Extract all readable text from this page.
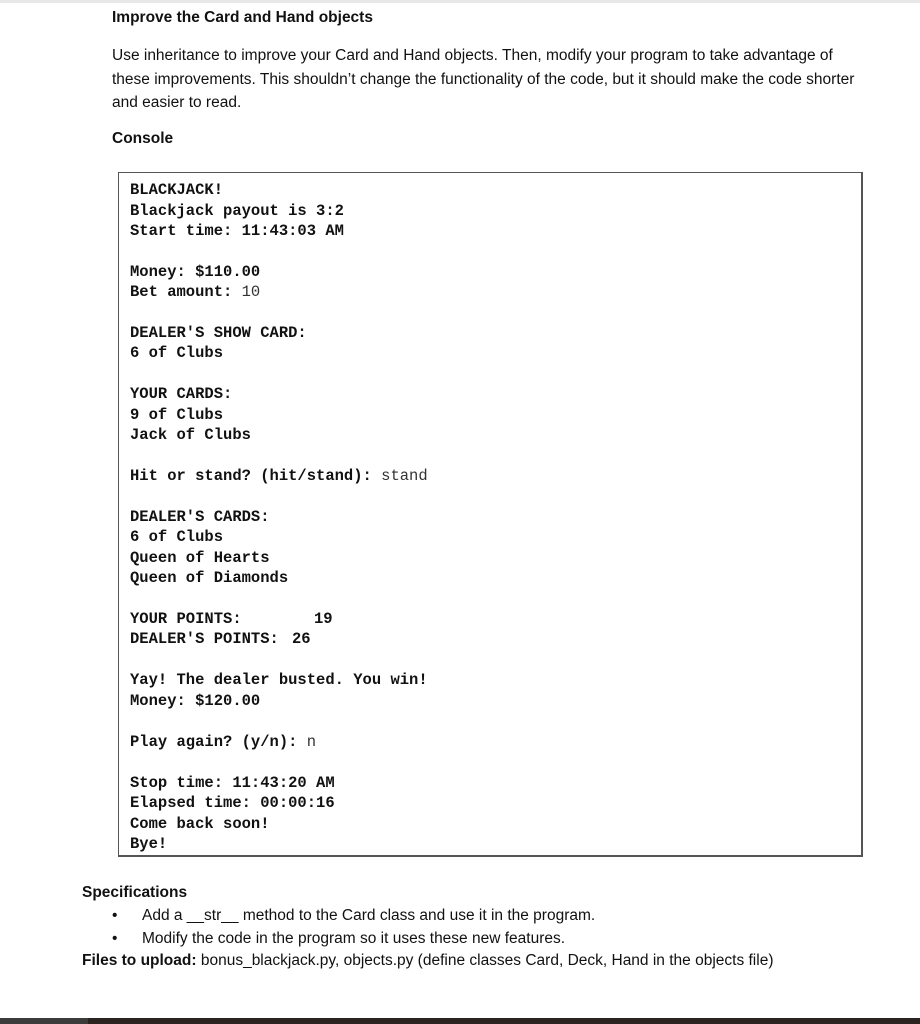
Improve the Card and Hand objects
Use inheritance to improve your Card and Hand objects. Then, modify your program to take advantage of these improvements. This shouldn’t change the functionality of the code, but it should make the code shorter and easier to read.
Console
BLACKJACK!
Blackjack payout is 3:2
Start time: 11:43:03 AM
Money: $110.00
Bet amount: 10
DEALER'S SHOW CARD:
6 of Clubs
YOUR CARDS:
9 of Clubs
Jack of Clubs
Hit or stand? (hit/stand): stand
DEALER'S CARDS:
6 of Clubs
Queen of Hearts
Queen of Diamonds
YOUR POINTS:	19
DEALER'S POINTS: 26
Yay! The dealer busted. You win!
Money: $120.00
Play again? (y/n): n
Stop time: 11:43:20 AM
Elapsed time: 00:00:16
Come back soon!
Bye!
Specifications
•	Add a __str__ method to the Card class and use it in the program.
•	Modify the code in the program so it uses these new features.
Files to upload: bonus_blackjack.py, objects.py (define classes Card, Deck, Hand in the objects file)
